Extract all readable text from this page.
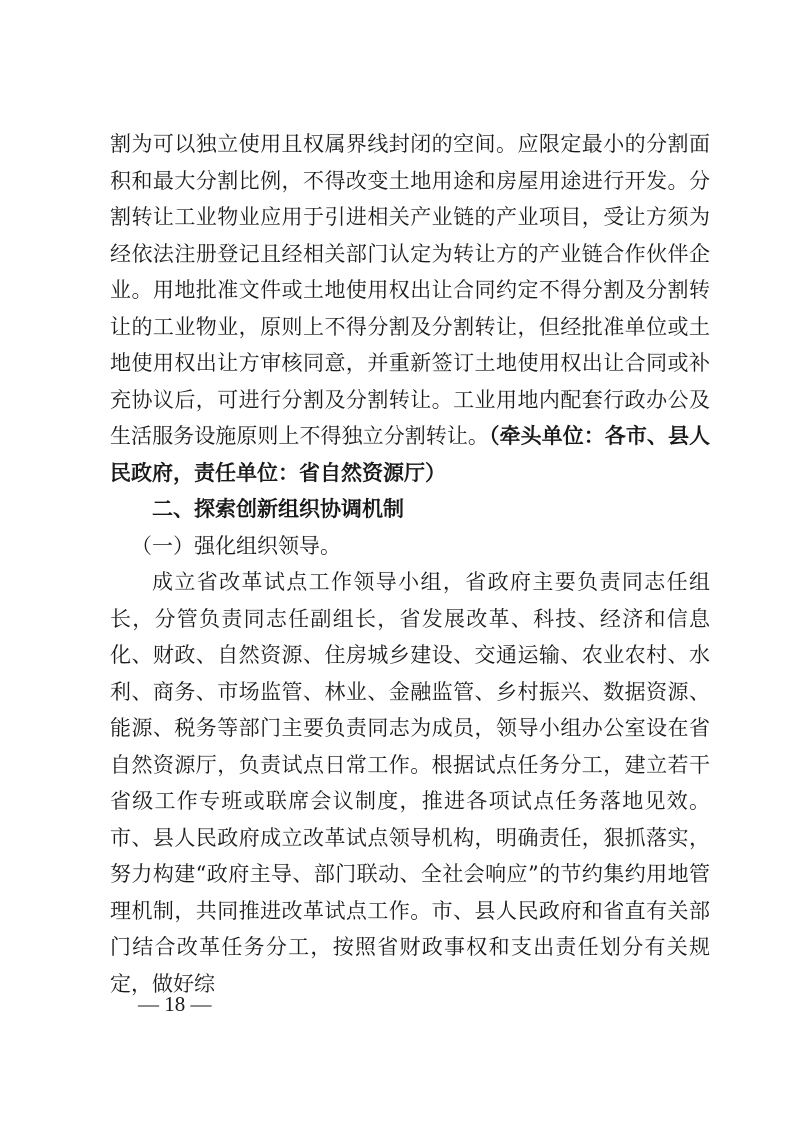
割为可以独立使用且权属界线封闭的空间。应限定最小的分割面积和最大分割比例，不得改变土地用途和房屋用途进行开发。分割转让工业物业应用于引进相关产业链的产业项目，受让方须为经依法注册登记且经相关部门认定为转让方的产业链合作伙伴企业。用地批准文件或土地使用权出让合同约定不得分割及分割转让的工业物业，原则上不得分割及分割转让，但经批准单位或土地使用权出让方审核同意，并重新签订土地使用权出让合同或补充协议后，可进行分割及分割转让。工业用地内配套行政办公及生活服务设施原则上不得独立分割转让。（牵头单位：各市、县人民政府，责任单位：省自然资源厅）

二、探索创新组织协调机制

（一）强化组织领导。

成立省改革试点工作领导小组，省政府主要负责同志任组长，分管负责同志任副组长，省发展改革、科技、经济和信息化、财政、自然资源、住房城乡建设、交通运输、农业农村、水利、商务、市场监管、林业、金融监管、乡村振兴、数据资源、能源、税务等部门主要负责同志为成员，领导小组办公室设在省自然资源厅，负责试点日常工作。根据试点任务分工，建立若干省级工作专班或联席会议制度，推进各项试点任务落地见效。市、县人民政府成立改革试点领导机构，明确责任，狠抓落实，努力构建“政府主导、部门联动、全社会响应”的节约集约用地管理机制，共同推进改革试点工作。市、县人民政府和省直有关部门结合改革任务分工，按照省财政事权和支出责任划分有关规定，做好综

— 18 —
